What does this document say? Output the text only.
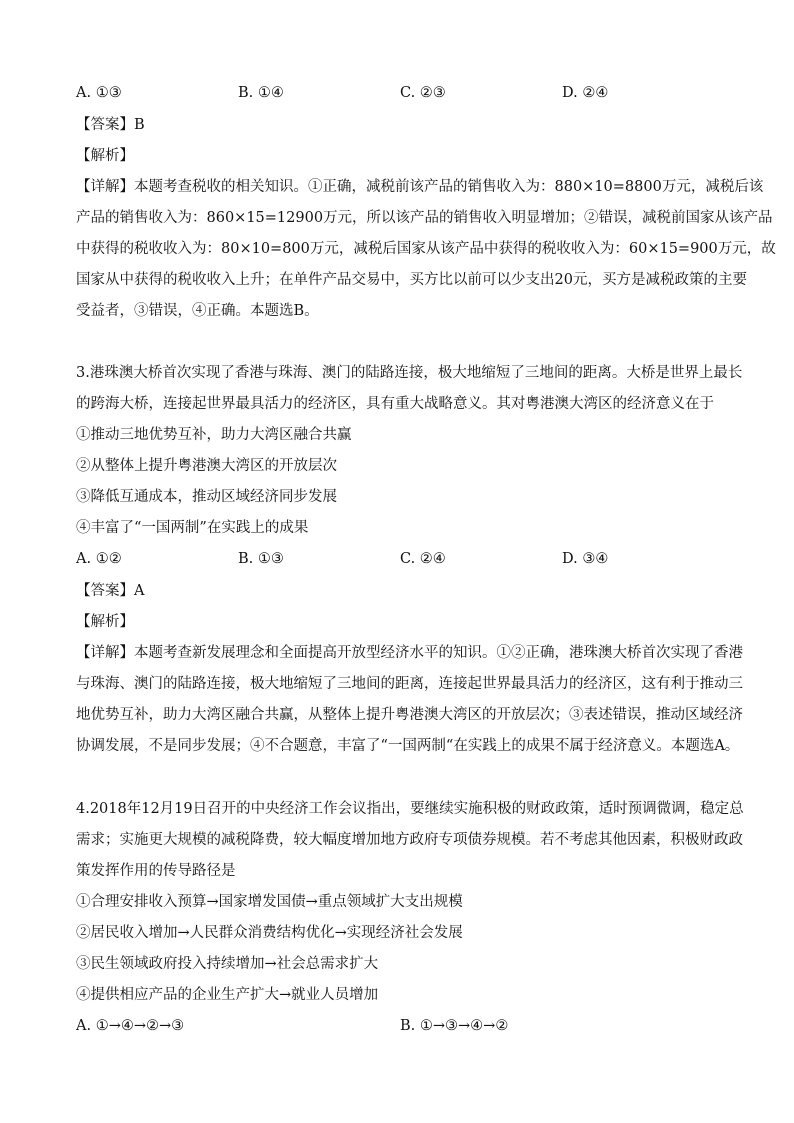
A. ①③	B. ①④	C. ②③	D. ②④
【答案】B
【解析】
【详解】本题考查税收的相关知识。①正确，减税前该产品的销售收入为：880×10=8800万元，减税后该
产品的销售收入为：860×15=12900万元，所以该产品的销售收入明显增加；②错误，减税前国家从该产品
中获得的税收收入为：80×10=800万元，减税后国家从该产品中获得的税收收入为：60×15=900万元，故
国家从中获得的税收收入上升；在单件产品交易中，买方比以前可以少支出20元，买方是减税政策的主要
受益者，③错误，④正确。本题选B。
3.港珠澳大桥首次实现了香港与珠海、澳门的陆路连接，极大地缩短了三地间的距离。大桥是世界上最长
的跨海大桥，连接起世界最具活力的经济区，具有重大战略意义。其对粤港澳大湾区的经济意义在于
①推动三地优势互补，助力大湾区融合共赢
②从整体上提升粤港澳大湾区的开放层次
③降低互通成本，推动区域经济同步发展
④丰富了“一国两制”在实践上的成果
A. ①②	B. ①③	C. ②④	D. ③④
【答案】A
【解析】
【详解】本题考查新发展理念和全面提高开放型经济水平的知识。①②正确，港珠澳大桥首次实现了香港
与珠海、澳门的陆路连接，极大地缩短了三地间的距离，连接起世界最具活力的经济区，这有利于推动三
地优势互补，助力大湾区融合共赢，从整体上提升粤港澳大湾区的开放层次；③表述错误，推动区域经济
协调发展，不是同步发展；④不合题意，丰富了“一国两制“在实践上的成果不属于经济意义。本题选A。
4.2018年12月19日召开的中央经济工作会议指出，要继续实施积极的财政政策，适时预调微调，稳定总
需求；实施更大规模的减税降费，较大幅度增加地方政府专项债券规模。若不考虑其他因素，积极财政政
策发挥作用的传导路径是
①合理安排收入预算→国家增发国债→重点领域扩大支出规模
②居民收入增加→人民群众消费结构优化→实现经济社会发展
③民生领域政府投入持续增加→社会总需求扩大
④提供相应产品的企业生产扩大→就业人员增加
A. ①→④→②→③	B. ①→③→④→②
